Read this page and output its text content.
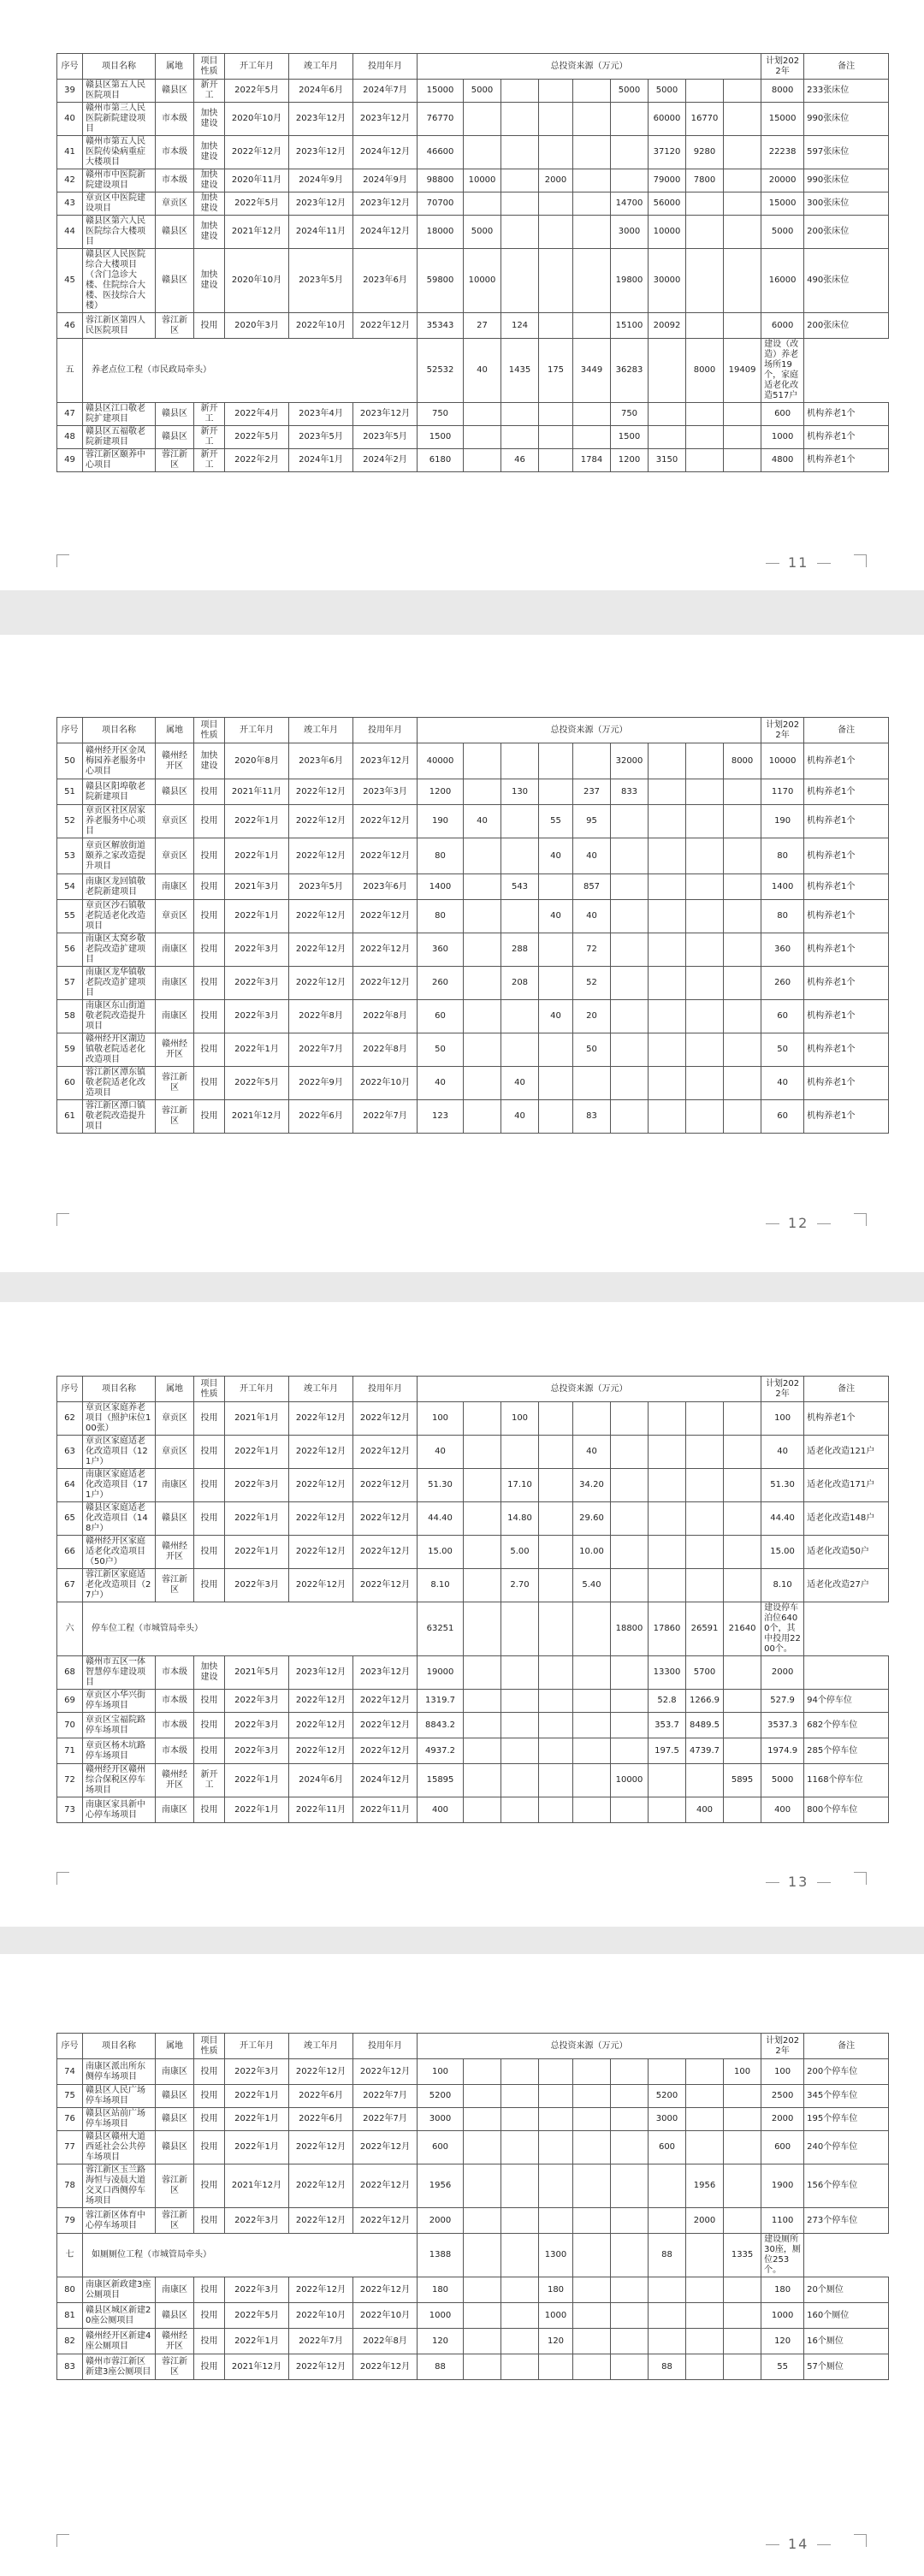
序号	项目名称	属地	项目性质	开工年月	竣工年月	投用年月	总投资来源（万元）									计划2022年	备注
39	赣县区第五人民医院项目	赣县区	新开工	2022年5月	2024年6月	2024年7月	15000	5000				5000	5000			8000	233张床位
40	赣州市第三人民医院新院建设项目	市本级	加快建设	2020年10月	2023年12月	2023年12月	76770						60000	16770		15000	990张床位
41	赣州市第五人民医院传染病重症大楼项目	市本级	加快建设	2022年12月	2023年12月	2024年12月	46600						37120	9280		22238	597张床位
42	赣州市中医院新院建设项目	市本级	加快建设	2020年11月	2024年9月	2024年9月	98800	10000		2000			79000	7800		20000	990张床位
43	章贡区中医院建设项目	章贡区	加快建设	2022年5月	2023年12月	2023年12月	70700					14700	56000			15000	300张床位
44	赣县区第六人民医院综合大楼项目	赣县区	加快建设	2021年12月	2024年11月	2024年12月	18000	5000				3000	10000			5000	200张床位
45	赣县区人民医院综合大楼项目（含门急诊大楼、住院综合大楼、医技综合大楼）	赣县区	加快建设	2020年10月	2023年5月	2023年6月	59800	10000				19800	30000			16000	490张床位
46	蓉江新区第四人民医院项目	蓉江新区	投用	2020年3月	2022年10月	2022年12月	35343	27	124			15100	20092			6000	200张床位
五	养老点位工程（市民政局牵头）						52532	40	1435	175	3449	36283		8000	19409	建设（改造）养老场所19个，家庭适老化改造517户	
47	赣县区江口敬老院扩建项目	赣县区	新开工	2022年4月	2023年4月	2023年12月	750					750				600	机构养老1个
48	赣县区五福敬老院新建项目	赣县区	新开工	2022年5月	2023年5月	2023年5月	1500					1500				1000	机构养老1个
49	蓉江新区颐养中心项目	蓉江新区	新开工	2022年2月	2024年1月	2024年2月	6180		46		1784	1200	3150			4800	机构养老1个
11
序号	项目名称	属地	项目性质	开工年月	竣工年月	投用年月	总投资来源（万元）									计划2022年	备注
50	赣州经开区金凤梅园养老服务中心项目	赣州经开区	加快建设	2020年8月	2023年6月	2023年12月	40000					32000			8000	10000	机构养老1个
51	赣县区阳埠敬老院新建项目	赣县区	投用	2021年11月	2022年12月	2023年3月	1200		130		237	833				1170	机构养老1个
52	章贡区社区居家养老服务中心项目	章贡区	投用	2022年1月	2022年12月	2022年12月	190	40		55	95					190	机构养老1个
53	章贡区解放街道颐养之家改造提升项目	章贡区	投用	2022年1月	2022年12月	2022年12月	80			40	40					80	机构养老1个
54	南康区龙回镇敬老院新建项目	南康区	投用	2021年3月	2023年5月	2023年6月	1400		543		857					1400	机构养老1个
55	章贡区沙石镇敬老院适老化改造项目	章贡区	投用	2022年1月	2022年12月	2022年12月	80			40	40					80	机构养老1个
56	南康区太窝乡敬老院改造扩建项目	南康区	投用	2022年3月	2022年12月	2022年12月	360		288		72					360	机构养老1个
57	南康区龙华镇敬老院改造扩建项目	南康区	投用	2022年3月	2022年12月	2022年12月	260		208		52					260	机构养老1个
58	南康区东山街道敬老院改造提升项目	南康区	投用	2022年3月	2022年8月	2022年8月	60			40	20					60	机构养老1个
59	赣州经开区湖边镇敬老院适老化改造项目	赣州经开区	投用	2022年1月	2022年7月	2022年8月	50				50					50	机构养老1个
60	蓉江新区潭东镇敬老院适老化改造项目	蓉江新区	投用	2022年5月	2022年9月	2022年10月	40		40							40	机构养老1个
61	蓉江新区潭口镇敬老院改造提升项目	蓉江新区	投用	2021年12月	2022年6月	2022年7月	123		40		83					60	机构养老1个
12
序号	项目名称	属地	项目性质	开工年月	竣工年月	投用年月	总投资来源（万元）									计划2022年	备注
62	章贡区家庭养老项目（照护床位100张）	章贡区	投用	2021年1月	2022年12月	2022年12月	100		100							100	机构养老1个
63	章贡区家庭适老化改造项目（121户）	章贡区	投用	2022年1月	2022年12月	2022年12月	40				40					40	适老化改造121户
64	南康区家庭适老化改造项目（171户）	南康区	投用	2022年3月	2022年12月	2022年12月	51.30		17.10		34.20					51.30	适老化改造171户
65	赣县区家庭适老化改造项目（148户）	赣县区	投用	2022年1月	2022年12月	2022年12月	44.40		14.80		29.60					44.40	适老化改造148户
66	赣州经开区家庭适老化改造项目（50户）	赣州经开区	投用	2022年1月	2022年12月	2022年12月	15.00		5.00		10.00					15.00	适老化改造50户
67	蓉江新区家庭适老化改造项目（27户）	蓉江新区	投用	2022年3月	2022年12月	2022年12月	8.10		2.70		5.40					8.10	适老化改造27户
六	停车位工程（市城管局牵头）						63251					18800	17860	26591	21640	建设停车泊位6400个，其中投用2200个。	
68	赣州市五区一体智慧停车建设项目	市本级	加快建设	2021年5月	2023年12月	2023年12月	19000						13300	5700		2000	
69	章贡区小华兴街停车场项目	市本级	投用	2022年3月	2022年12月	2022年12月	1319.7						52.8	1266.9		527.9	94个停车位
70	章贡区宝福院路停车场项目	市本级	投用	2022年3月	2022年12月	2022年12月	8843.2						353.7	8489.5		3537.3	682个停车位
71	章贡区杨木坑路停车场项目	市本级	投用	2022年3月	2022年12月	2022年12月	4937.2						197.5	4739.7		1974.9	285个停车位
72	赣州经开区赣州综合保税区停车场项目	赣州经开区	新开工	2022年1月	2024年6月	2024年12月	15895					10000			5895	5000	1168个停车位
73	南康区家具新中心停车场项目	南康区	投用	2022年1月	2022年11月	2022年11月	400							400		400	800个停车位
13
序号	项目名称	属地	项目性质	开工年月	竣工年月	投用年月	总投资来源（万元）									计划2022年	备注
74	南康区派出所东侧停车场项目	南康区	投用	2022年3月	2022年12月	2022年12月	100								100	100	200个停车位
75	赣县区人民广场停车场项目	赣县区	投用	2022年1月	2022年6月	2022年7月	5200						5200			2500	345个停车位
76	赣县区站前广场停车场项目	赣县区	投用	2022年1月	2022年6月	2022年7月	3000						3000			2000	195个停车位
77	赣县区赣州大道西延社会公共停车场项目	赣县区	投用	2022年1月	2022年12月	2022年12月	600						600			600	240个停车位
78	蓉江新区玉兰路海恒与凌晨大道交叉口西侧停车场项目	蓉江新区	投用	2021年12月	2022年12月	2022年12月	1956							1956		1900	156个停车位
79	蓉江新区体育中心停车场项目	蓉江新区	投用	2022年3月	2022年12月	2022年12月	2000							2000		1100	273个停车位
七	如厕厕位工程（市城管局牵头）						1388			1300			88		1335	建设厕所30座，厕位253个。	
80	南康区新政建3座公厕项目	南康区	投用	2022年3月	2022年12月	2022年12月	180			180						180	20个厕位
81	赣县区城区新建20座公厕项目	赣县区	投用	2022年5月	2022年10月	2022年10月	1000			1000						1000	160个厕位
82	赣州经开区新建4座公厕项目	赣州经开区	投用	2022年1月	2022年7月	2022年8月	120			120						120	16个厕位
83	赣州市蓉江新区新建3座公厕项目	蓉江新区	投用	2021年12月	2022年12月	2022年12月	88						88			55	57个厕位
14
